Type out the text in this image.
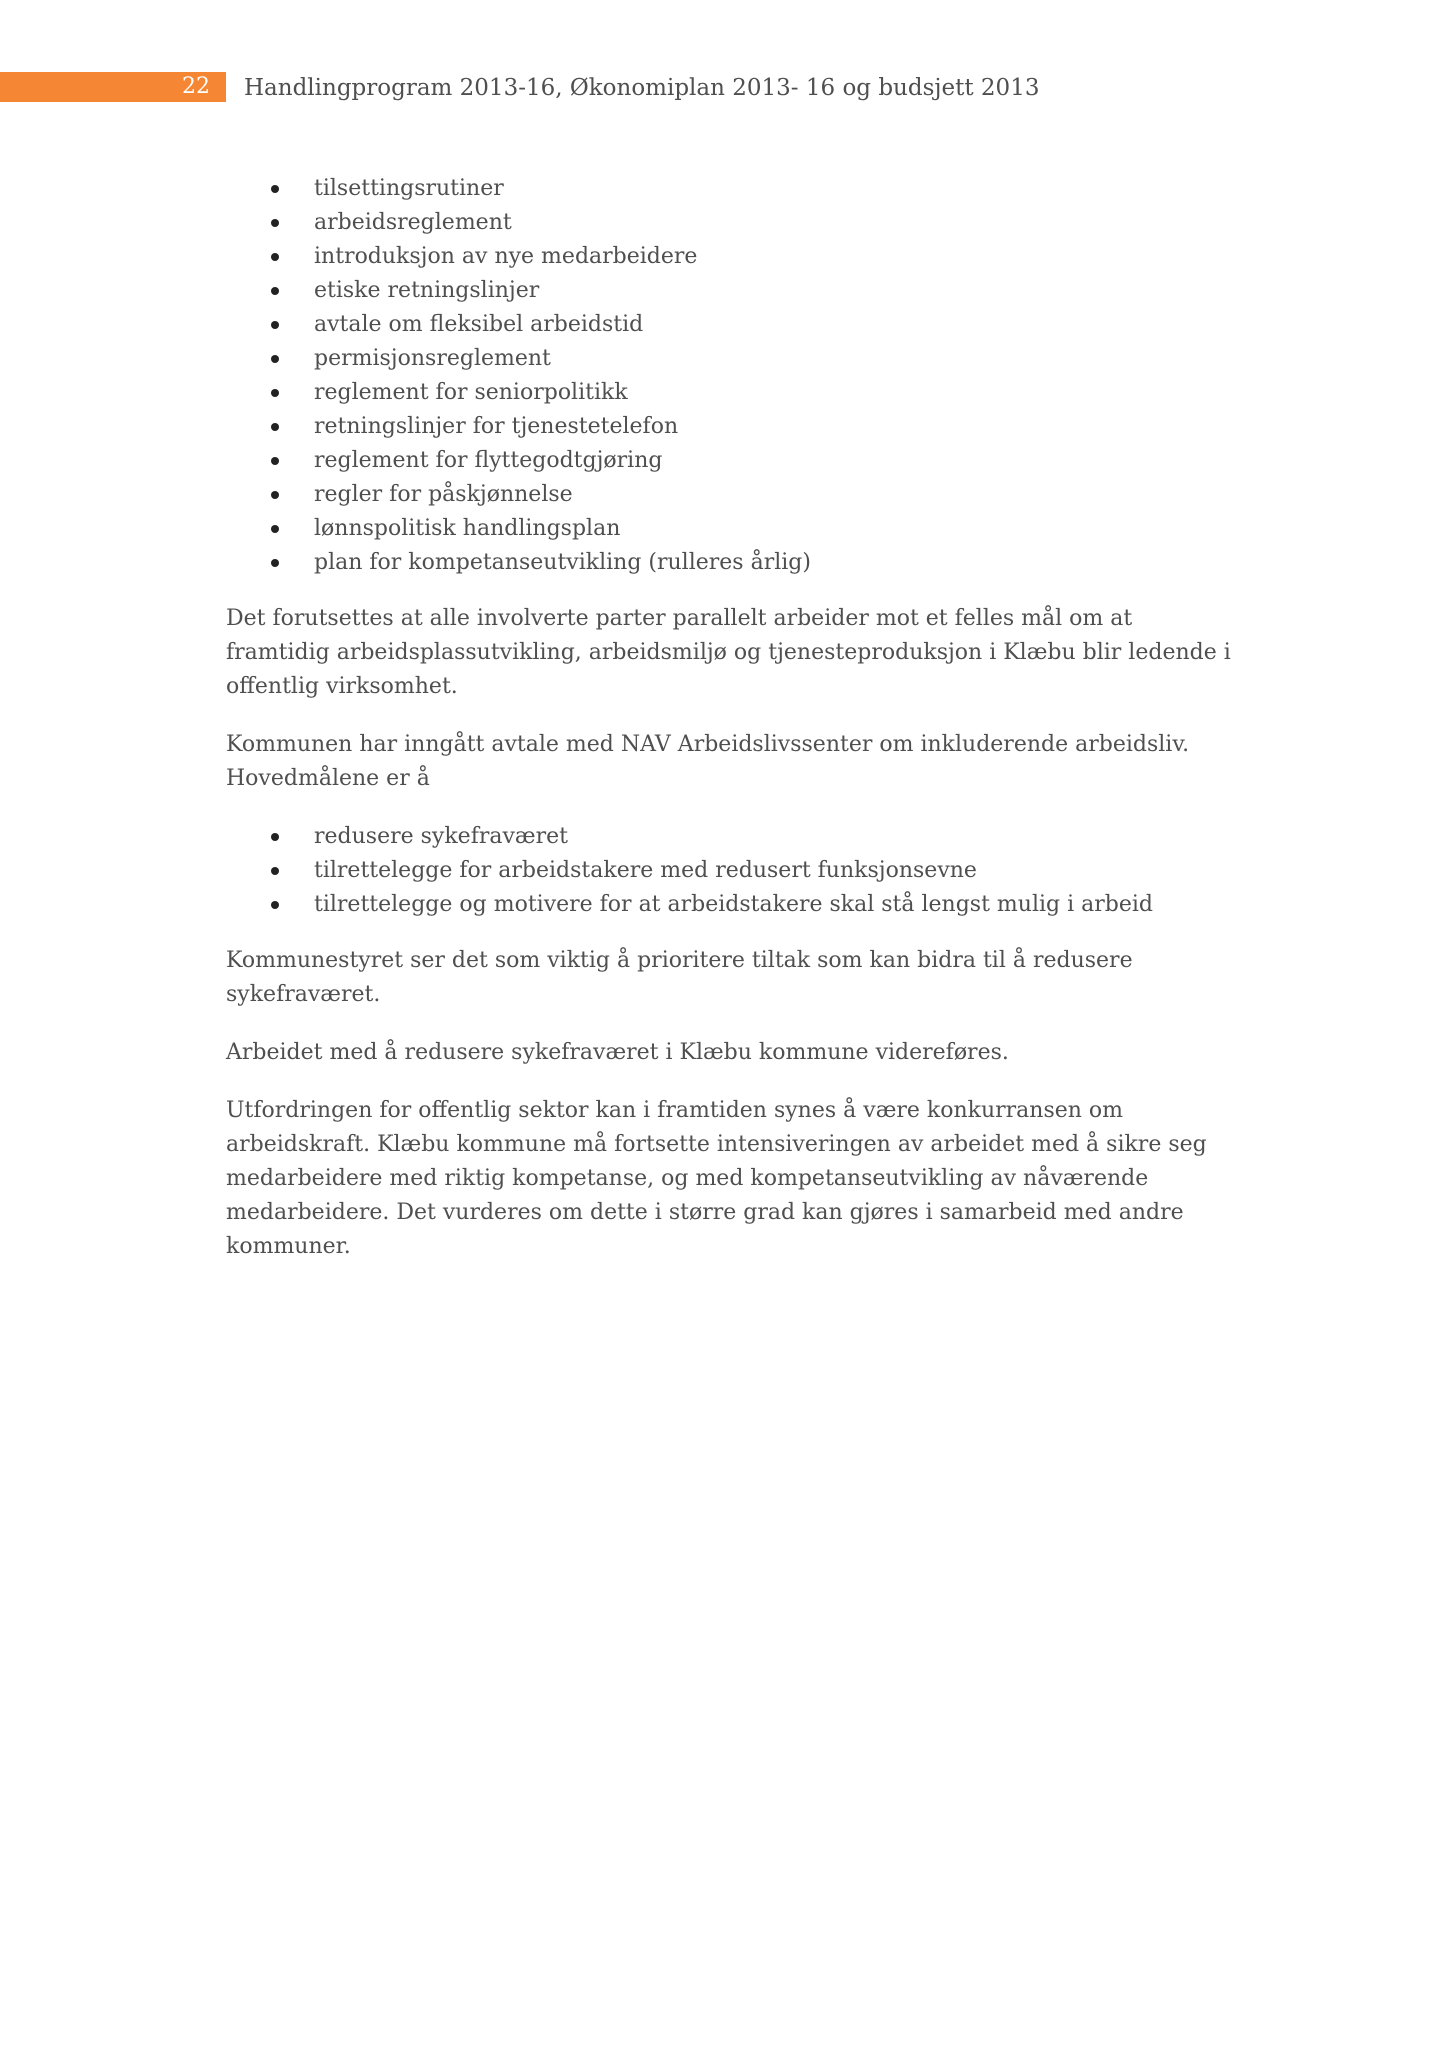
22 Handlingprogram 2013-16, Økonomiplan 2013- 16 og budsjett 2013
tilsettingsrutiner
arbeidsreglement
introduksjon av nye medarbeidere
etiske retningslinjer
avtale om fleksibel arbeidstid
permisjonsreglement
reglement for seniorpolitikk
retningslinjer for tjenestetelefon
reglement for flyttegodtgjøring
regler for påskjønnelse
lønnspolitisk handlingsplan
plan for kompetanseutvikling (rulleres årlig)

Det forutsettes at alle involverte parter parallelt arbeider mot et felles mål om at framtidig arbeidsplassutvikling, arbeidsmiljø og tjenesteproduksjon i Klæbu blir ledende i offentlig virksomhet.

Kommunen har inngått avtale med NAV Arbeidslivssenter om inkluderende arbeidsliv. Hovedmålene er å

redusere sykefraværet
tilrettelegge for arbeidstakere med redusert funksjonsevne
tilrettelegge og motivere for at arbeidstakere skal stå lengst mulig i arbeid

Kommunestyret ser det som viktig å prioritere tiltak som kan bidra til å redusere sykefraværet.

Arbeidet med å redusere sykefraværet i Klæbu kommune videreføres.

Utfordringen for offentlig sektor kan i framtiden synes å være konkurransen om arbeidskraft. Klæbu kommune må fortsette intensiveringen av arbeidet med å sikre seg medarbeidere med riktig kompetanse, og med kompetanseutvikling av nåværende medarbeidere. Det vurderes om dette i større grad kan gjøres i samarbeid med andre kommuner.
